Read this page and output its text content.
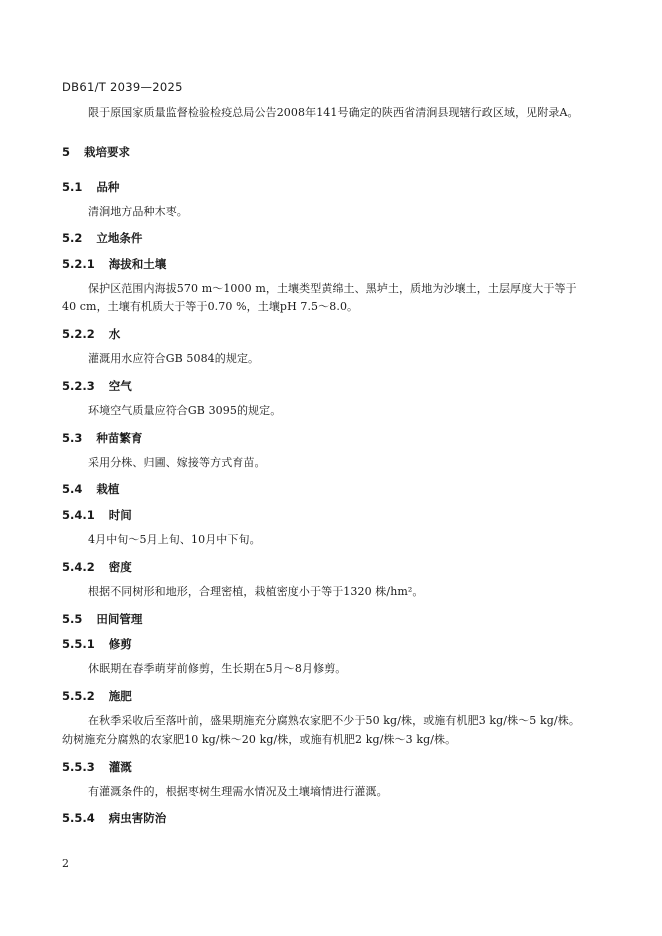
DB61/T 2039—2025
限于原国家质量监督检验检疫总局公告2008年141号确定的陕西省清涧县现辖行政区域，见附录A。
5 栽培要求
5.1 品种
清涧地方品种木枣。
5.2 立地条件
5.2.1 海拔和土壤
保护区范围内海拔570 m～1000 m，土壤类型黄绵土、黑垆土，质地为沙壤土，土层厚度大于等于
40 cm，土壤有机质大于等于0.70 %，土壤pH 7.5～8.0。
5.2.2 水
灌溉用水应符合GB 5084的规定。
5.2.3 空气
环境空气质量应符合GB 3095的规定。
5.3 种苗繁育
采用分株、归圃、嫁接等方式育苗。
5.4 栽植
5.4.1 时间
4月中旬～5月上旬、10月中下旬。
5.4.2 密度
根据不同树形和地形，合理密植，栽植密度小于等于1320 株/hm²。
5.5 田间管理
5.5.1 修剪
休眠期在春季萌芽前修剪，生长期在5月～8月修剪。
5.5.2 施肥
在秋季采收后至落叶前，盛果期施充分腐熟农家肥不少于50 kg/株，或施有机肥3 kg/株～5 kg/株。
幼树施充分腐熟的农家肥10 kg/株～20 kg/株，或施有机肥2 kg/株～3 kg/株。
5.5.3 灌溉
有灌溉条件的，根据枣树生理需水情况及土壤墒情进行灌溉。
5.5.4 病虫害防治
2
